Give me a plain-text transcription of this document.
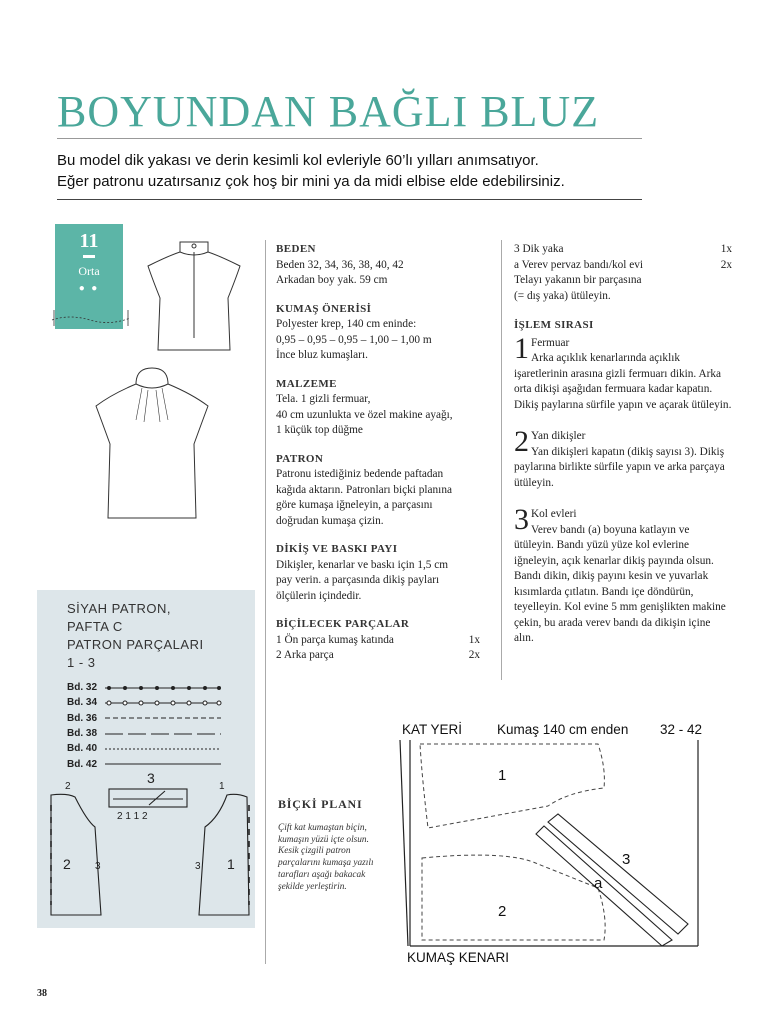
BOYUNDAN BAĞLI BLUZ
Bu model dik yakası ve derin kesimli kol evleriyle 60’lı yılları anımsatıyor.
Eğer patronu uzatırsanız çok hoş bir mini ya da midi elbise elde edebilirsiniz.
11
Orta
● ●
BEDEN

Beden 32, 34, 36, 38, 40, 42

Arkadan boy yak. 59 cm

KUMAŞ ÖNERİSİ

Polyester krep, 140 cm eninde:

0,95 – 0,95 – 0,95 – 1,00 – 1,00 m

İnce bluz kumaşları.

MALZEME

Tela. 1 gizli fermuar,

40 cm uzunlukta ve özel makine ayağı,

1 küçük top düğme

PATRON

Patronu istediğiniz bedende paftadan

kağıda aktarın. Patronları biçki planına

göre kumaşa iğneleyin, a parçasını

doğrudan kumaşa çizin.

DİKİŞ VE BASKI PAYI

Dikişler, kenarlar ve baskı için 1,5 cm

pay verin. a parçasında dikiş payları

ölçülerin içindedir.

BİÇİLECEK PARÇALAR
1 Ön parça kumaş katında	1x
2 Arka parça	2x
3 Dik yaka	1x
a Verev pervaz bandı/kol evi	2x

Telayı yakanın bir parçasına

(= dış yaka) ütüleyin.

İŞLEM SIRASI
1 Fermuar
Arka açıklık kenarlarında açıklık işaretlerinin arasına gizli fermuarı dikin. Arka orta dikişi aşağıdan fermuara kadar kapatın. Dikiş paylarına sürfile yapın ve açarak ütüleyin.
2 Yan dikişler
Yan dikişleri kapatın (dikiş sayısı 3). Dikiş paylarına birlikte sürfile yapın ve arka parçaya ütüleyin.
3 Kol evleri
Verev bandı (a) boyuna katlayın ve ütüleyin. Bandı yüzü yüze kol evlerine iğneleyin, açık kenarlar dikiş payında olsun. Bandı dikin, dikiş payını kesin ve yuvarlak kısımlarda çıtlatın. Bandı içe döndürün, teyelleyin. Kol evine 5 mm genişlikten makine çekin, bu arada verev bandı da dikişin içine alın.
SİYAH PATRON,
PAFTA C
PATRON PARÇALARI
1 - 3
Bd. 32
Bd. 34
Bd. 36
Bd. 38
Bd. 40
Bd. 42
3
2 1 1 2
2 3
2
1
3
1
BİÇKİ PLANI
Çift kat kumaştan biçin, kumaşın yüzü içte olsun. Kesik çizgili patron parçalarını kumaşa yazılı tarafları aşağı bakacak şekilde yerleştirin.
KAT YERİ	Kumaş 140 cm enden 32 - 42
KUMAŞ KENARI
1
2
3
a
38
